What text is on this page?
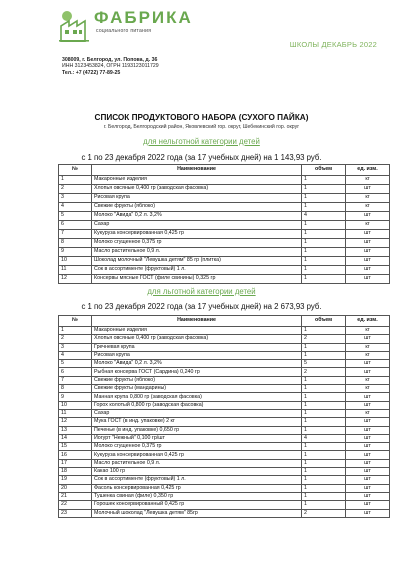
ФАБРИКА
социального питания
ШКОЛЫ ДЕКАБРЬ 2022
308009, г. Белгород, ул. Попова, д. 36
ИНН 3123453824, ОГРН 1193123011729
Тел.: +7 (4722) 77-89-25
СПИСОК ПРОДУКТОВОГО НАБОРА (СУХОГО ПАЙКА)
г. Белгород, Белгородский район, Яковлевский гор. округ, Шебекинский гор. округ
для нельготной категории детей
с 1 по 23 декабря 2022 года (за 17 учебных дней) на 1 143,93 руб.
№	Наименование	объем	ед. изм.
1	Макаронные изделия	1	кг
2	Хлопья овсяные 0,400 гр (заводская фасовка)	1	шт
3	Рисовая крупа	1	кг
4	Свежие фрукты (яблоко)	1	кг
5	Молоко "Авида" 0,2 л. 3,2%	4	шт
6	Сахар	1	кг
7	Кукуруза консервированная 0,425 гр	1	шт
8	Молоко сгущенное 0,375 гр	1	шт
9	Масло растительное 0,9 л.	1	шт
10	Шоколад молочный "Левушка детям" 85 гр (плитка)	1	шт
11	Сок в ассортименте (фруктовый) 1 л.	1	шт
12	Консервы мясные ГОСТ (филе свинины) 0,325 гр	1	шт
для льготной категории детей
с 1 по 23 декабря 2022 года (за 17 учебных дней) на 2 673,93 руб.
№	Наименование	объем	ед. изм.
1	Макаронные изделия	1	кг
2	Хлопья овсяные 0,400 гр (заводская фасовка)	2	шт
3	Гречневая крупа	1	кг
4	Рисовая крупа	1	кг
5	Молоко "Авида" 0,2 л. 3,2%	5	шт
6	Рыбная консерва ГОСТ (Сардина) 0,240 гр	2	шт
7	Свежие фрукты (яблоко)	1	кг
8	Свежие фрукты (мандарины)	1	кг
9	Манная крупа 0,800 гр (заводская фасовка)	1	шт
10	Горох колотый 0,800 гр (заводская фасовка)	1	шт
11	Сахар	1	кг
12	Мука ГОСТ (в инд. упаковке) 2 кг	1	шт
13	Печенье (в инд. упаковке) 0,650 гр	1	шт
14	Йогурт "Нежный" 0,100 гр/шт	4	шт
15	Молоко сгущенное 0,375 гр	1	шт
16	Кукуруза консервированная 0,425 гр	1	шт
17	Масло растительное 0,9 л.	1	шт
18	Какао 100 гр	1	шт
19	Сок в ассортименте (фруктовый) 1 л.	1	шт
20	Фасоль консервированная 0,425 гр	1	шт
21	Тушенка свиная (филе) 0,350 гр	1	шт
22	Горошек консервированный 0,425 гр	1	шт
23	Молочный шоколад "Левушка детям" 85гр	2	шт
